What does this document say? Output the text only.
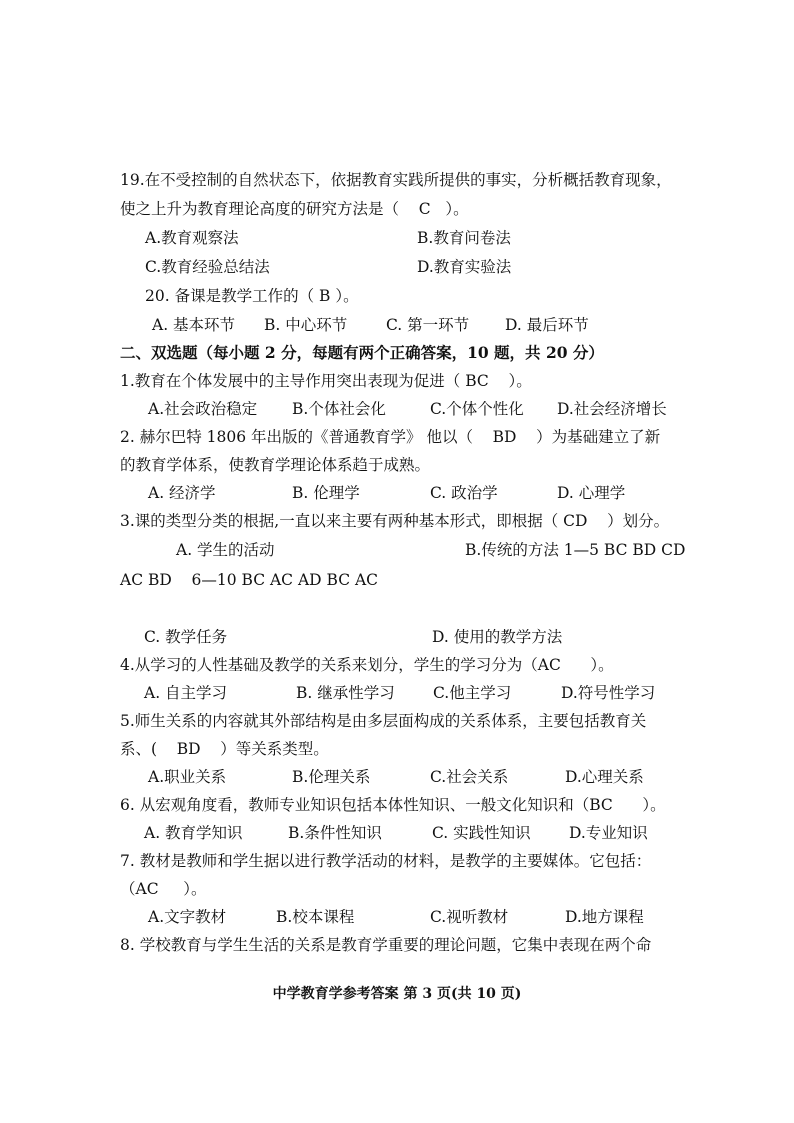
19.在不受控制的自然状态下，依据教育实践所提供的事实，分析概括教育现象，
使之上升为教育理论高度的研究方法是（    C   ）。
A.教育观察法	B.教育问卷法
C.教育经验总结法	D.教育实验法
20. 备课是教学工作的（ B ）。
A. 基本环节 B. 中心环节	C. 第一环节 D. 最后环节
二、双选题（每小题 2 分，每题有两个正确答案，10 题，共 20 分）
1.教育在个体发展中的主导作用突出表现为促进（ BC    ）。
A.社会政治稳定 B.个体社会化	C.个体个性化 D.社会经济增长
2. 赫尔巴特 1806 年出版的《普通教育学》 他以（    BD    ）为基础建立了新
的教育学体系，使教育学理论体系趋于成熟。
A. 经济学	B. 伦理学	C. 政治学	D. 心理学
3.课的类型分类的根据,一直以来主要有两种基本形式，即根据（ CD    ）划分。
A. 学生的活动	B.传统的方法 1—5 BC BD CD
AC BD    6—10 BC AC AD BC AC
C. 教学任务	D. 使用的教学方法
4.从学习的人性基础及教学的关系来划分，学生的学习分为（AC      ）。
A. 自主学习	B. 继承性学习 C.他主学习	D.符号性学习
5.师生关系的内容就其外部结构是由多层面构成的关系体系，主要包括教育关
系、(    BD    ）等关系类型。
A.职业关系	B.伦理关系	C.社会关系	D.心理关系
6. 从宏观角度看，教师专业知识包括本体性知识、一般文化知识和（BC      ）。
A. 教育学知识	B.条件性知识	C. 实践性知识 D.专业知识
7. 教材是教师和学生据以进行教学活动的材料，是教学的主要媒体。它包括：
（AC     ）。
A.文字教材	B.校本课程	C.视听教材	D.地方课程
8. 学校教育与学生生活的关系是教育学重要的理论问题，它集中表现在两个命
中学教育学参考答案 第 3 页(共 10 页)
